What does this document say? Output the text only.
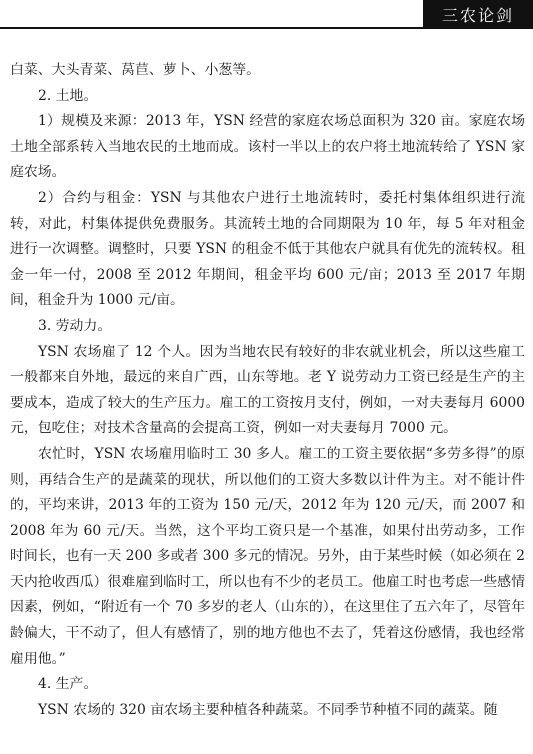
三农论剑

白菜、大头青菜、莴苣、萝卜、小葱等。

2. 土地。

1）规模及来源：2013 年，YSN 经营的家庭农场总面积为 320 亩。家庭农场土地全部系转入当地农民的土地而成。该村一半以上的农户将土地流转给了 YSN 家庭农场。

2）合约与租金：YSN 与其他农户进行土地流转时，委托村集体组织进行流转，对此，村集体提供免费服务。其流转土地的合同期限为 10 年，每 5 年对租金进行一次调整。调整时，只要 YSN 的租金不低于其他农户就具有优先的流转权。租金一年一付，2008 至 2012 年期间，租金平均 600 元/亩；2013 至 2017 年期间，租金升为 1000 元/亩。

3. 劳动力。

YSN 农场雇了 12 个人。因为当地农民有较好的非农就业机会，所以这些雇工一般都来自外地，最远的来自广西，山东等地。老 Y 说劳动力工资已经是生产的主要成本，造成了较大的生产压力。雇工的工资按月支付，例如，一对夫妻每月 6000 元，包吃住；对技术含量高的会提高工资，例如一对夫妻每月 7000 元。

农忙时，YSN 农场雇用临时工 30 多人。雇工的工资主要依据“多劳多得”的原则，再结合生产的是蔬菜的现状，所以他们的工资大多数以计件为主。对不能计件的，平均来讲，2013 年的工资为 150 元/天，2012 年为 120 元/天，而 2007 和 2008 年为 60 元/天。当然，这个平均工资只是一个基准，如果付出劳动多，工作时间长，也有一天 200 多或者 300 多元的情况。另外，由于某些时候（如必须在 2 天内抢收西瓜）很难雇到临时工，所以也有不少的老员工。他雇工时也考虑一些感情因素，例如，“附近有一个 70 多岁的老人（山东的），在这里住了五六年了，尽管年龄偏大，干不动了，但人有感情了，别的地方他也不去了，凭着这份感情，我也经常雇用他。”

4. 生产。

YSN 农场的 320 亩农场主要种植各种蔬菜。不同季节种植不同的蔬菜。随
